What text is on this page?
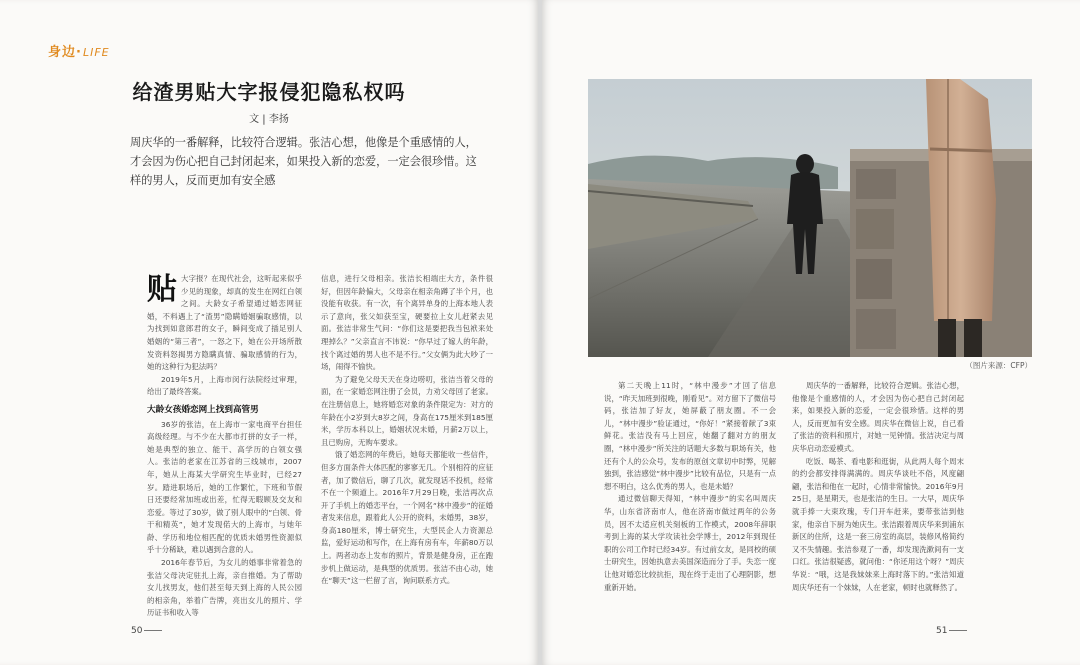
身边·LIFE
给渣男贴大字报侵犯隐私权吗
文 | 李扬
周庆华的一番解释，比较符合逻辑。张洁心想，他像是个重感情的人，才会因为伤心把自己封闭起来，如果投入新的恋爱，一定会很珍惜。这样的男人，反而更加有安全感

贴大字报？在现代社会，这听起来似乎少见的现象，却真的发生在网红白领之间。大龄女子希望通过婚恋网征婚，不料遇上了“渣男”隐瞒婚姻骗取感情，以为找到如意郎君的女子，瞬间变成了插足别人婚姻的“第三者”，一怒之下，她在公开场所散发资料怒揭男方隐瞒真情、骗取感情的行为，她的这种行为犯法吗？

2019年5月，上海市闵行法院经过审理，给出了最终答案。

大龄女孩婚恋网上找到高管男

36岁的张洁，在上海市一家电商平台担任高级经理。与不少在大都市打拼的女子一样，她是典型的独立、能干、高学历的白领女强人。张洁的老家在江苏省的三线城市，2007年，她从上海某大学研究生毕业时，已经27岁。踏进职场后，她的工作繁忙，下班和节假日还要经常加班或出差，忙得无暇顾及交友和恋爱。等过了30岁，做了别人眼中的“白领、骨干和精英”，她才发现偌大的上海市，与她年龄、学历和地位相匹配的优质未婚男性资源似乎十分稀缺，难以遇到合意的人。

2016年春节后，为女儿的婚事非常着急的张洁父母决定驻扎上海，亲自推婚。为了帮助女儿找男友，他们甚至每天到上海的人民公园的相亲角，举着广告牌，亮出女儿的照片、学历证书和收入等

信息，进行父母相亲。张洁长相端庄大方，条件很好，但因年龄偏大，父母亲在相亲角蹲了半个月，也没能有收获。有一次，有个离异单身的上海本地人表示了意向，张父如获至宝，硬要拉上女儿赶紧去见面。张洁非常生气问：“你们这是要把我当包袱来处理掉么？”父亲直言不讳说：“你早过了嫁人的年龄，找个离过婚的男人也不是不行。”父女俩为此大吵了一场，闹得不愉快。

为了避免父母天天在身边唠叨，张洁当着父母的面，在一家婚恋网注册了会员，力劝父母回了老家。在注册信息上，她将婚恋对象的条件限定为：对方的年龄在小2岁到大8岁之间，身高在175厘米到185厘米，学历本科以上，婚姻状况未婚，月薪2万以上，且已购房，无购车要求。

饿了婚恋网的年费后，她每天都能收一些信件，但多方面条件大体匹配的寥寥无几。个别相符的应征者，加了微信后，聊了几次，就发现话不投机，经常不在一个频道上。2016年7月29日晚，张洁再次点开了手机上的婚恋平台，一个网名“林中漫步”的征婚者发来信息，跟着此人公开的资料，未婚男，38岁，身高180厘米，博士研究生，大型民企人力资源总监，爱好运动和写作，在上海有房有车，年薪80万以上。两者动态上发布的照片，背景是健身房，正在跑步机上做运动，是典型的优质男。张洁不由心动，她在“聊天”这一栏留了言，询问联系方式。

50
（图片来源：CFP）

第二天晚上11时，“林中漫步”才回了信息说，“昨天加班到很晚，刚看见”。对方留下了微信号码，张洁加了好友，她屏蔽了朋友圈。不一会儿，“林中漫步”验证通过，“你好！”紧接着献了3束鲜花。张洁没有马上回应，她翻了翻对方的朋友圈，“林中漫步”所关注的话题大多数与职场有关，他还有个人的公众号，发布的原创文章切中时弊，见解独到，张洁感觉“林中漫步”比较有品位，只是有一点想不明白，这么优秀的男人，也是未婚？

通过微信聊天得知，“林中漫步”的实名叫周庆华，山东省济南市人，他在济南市做过两年的公务员，因不太适应机关刻板的工作模式，2008年辞职考到上海的某大学攻读社会学博士，2012年到现任职的公司工作时已经34岁。有过前女友，是同校的硕士研究生，因她执意去美国深造而分了手。失恋一度让他对婚恋比较抗拒，现在终于走出了心理阴影，想重新开始。

周庆华的一番解释，比较符合逻辑。张洁心想，他像是个重感情的人，才会因为伤心把自己封闭起来，如果投入新的恋爱，一定会很珍惜。这样的男人，反而更加有安全感。周庆华在微信上说，自己看了张洁的资料和照片，对她一见钟情。张洁决定与周庆华启动恋爱模式。

吃饭、喝茶、看电影和逛街，从此两人每个周末的约会都安排得满满的。周庆华谈吐不俗，风度翩翩，张洁和他在一起时，心情非常愉快。2016年9月25日，是星期天，也是张洁的生日。一大早，周庆华就手捧一大束玫瑰，专门开车赶来，要带张洁到他家，他亲自下厨为她庆生。张洁跟着周庆华来到浦东新区的住所，这是一套三房室的高层，装修风格简约又不失情趣。张洁参观了一番，却发现洗漱间有一支口红。张洁很疑惑，就问他：“你还用这个呀？”周庆华说：“哦，这是我妹妹来上海时落下的。”张洁知道周庆华还有一个妹妹，人在老家，顿时也就释然了。

51
